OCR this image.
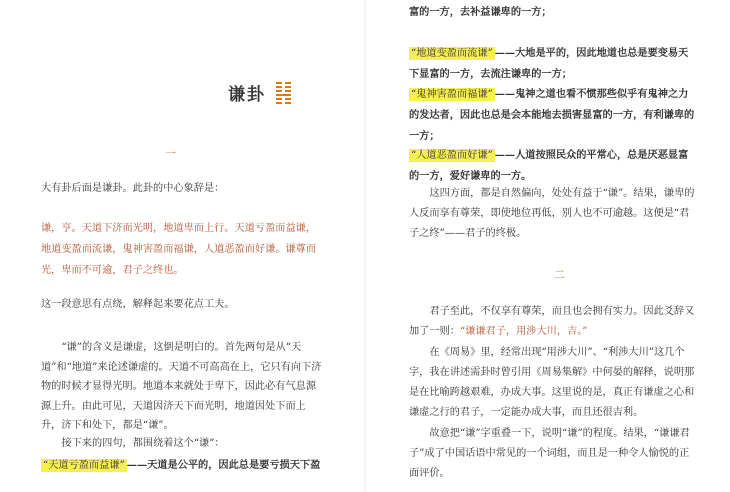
谦卦
一
大有卦后面是谦卦。此卦的中心象辞是：
谦，亨。天道下济而光明，地道卑而上行。天道亏盈而益谦，地道变盈而流谦，鬼神害盈而福谦，人道恶盈而好谦。谦尊而光，卑而不可逾，君子之终也。
这一段意思有点绕，解释起来要花点工夫。
“谦”的含义是谦虚，这倒是明白的。首先两句是从“天道”和“地道”来论述谦虚的。天道不可高高在上，它只有向下济物的时候才显得光明。地道本来就处于卑下，因此必有气息源源上升。由此可见，天道因济天下而光明，地道因处下而上升，济下和处下，都是“谦”。
接下来的四句，都围绕着这个“谦”：
“天道亏盈而益谦” ——天道是公平的，因此总是要亏损天下盈
富的一方，去补益谦卑的一方；
“地道变盈而流谦” ——大地是平的，因此地道也总是要变易天下显富的一方，去流注谦卑的一方；
“鬼神害盈而福谦” ——鬼神之道也看不惯那些似乎有鬼神之力的发达者，因此也总是会本能地去损害显富的一方，有利谦卑的一方；
“人道恶盈而好谦” ——人道按照民众的平常心，总是厌恶显富的一方，爱好谦卑的一方。
这四方面，都是自然偏向，处处有益于“谦”。结果，谦卑的人反而享有尊荣，即使地位再低，别人也不可逾越。这便是“君子之终”——君子的终极。
二
君子至此，不仅享有尊荣，而且也会拥有实力。因此爻辞又加了一则：“谦谦君子，用涉大川，吉。”
在《周易》里，经常出现“用涉大川”、“利涉大川”这几个字，我在讲述需卦时曾引用《周易集解》中何晏的解释，说明那是在比喻跨越艰难，办成大事。这里说的是，真正有谦虚之心和谦虚之行的君子，一定能办成大事，而且还很吉利。
故意把“谦”字重叠一下，说明“谦”的程度。结果，“谦谦君子”成了中国话语中常见的一个词组，而且是一种令人愉悦的正面评价。
